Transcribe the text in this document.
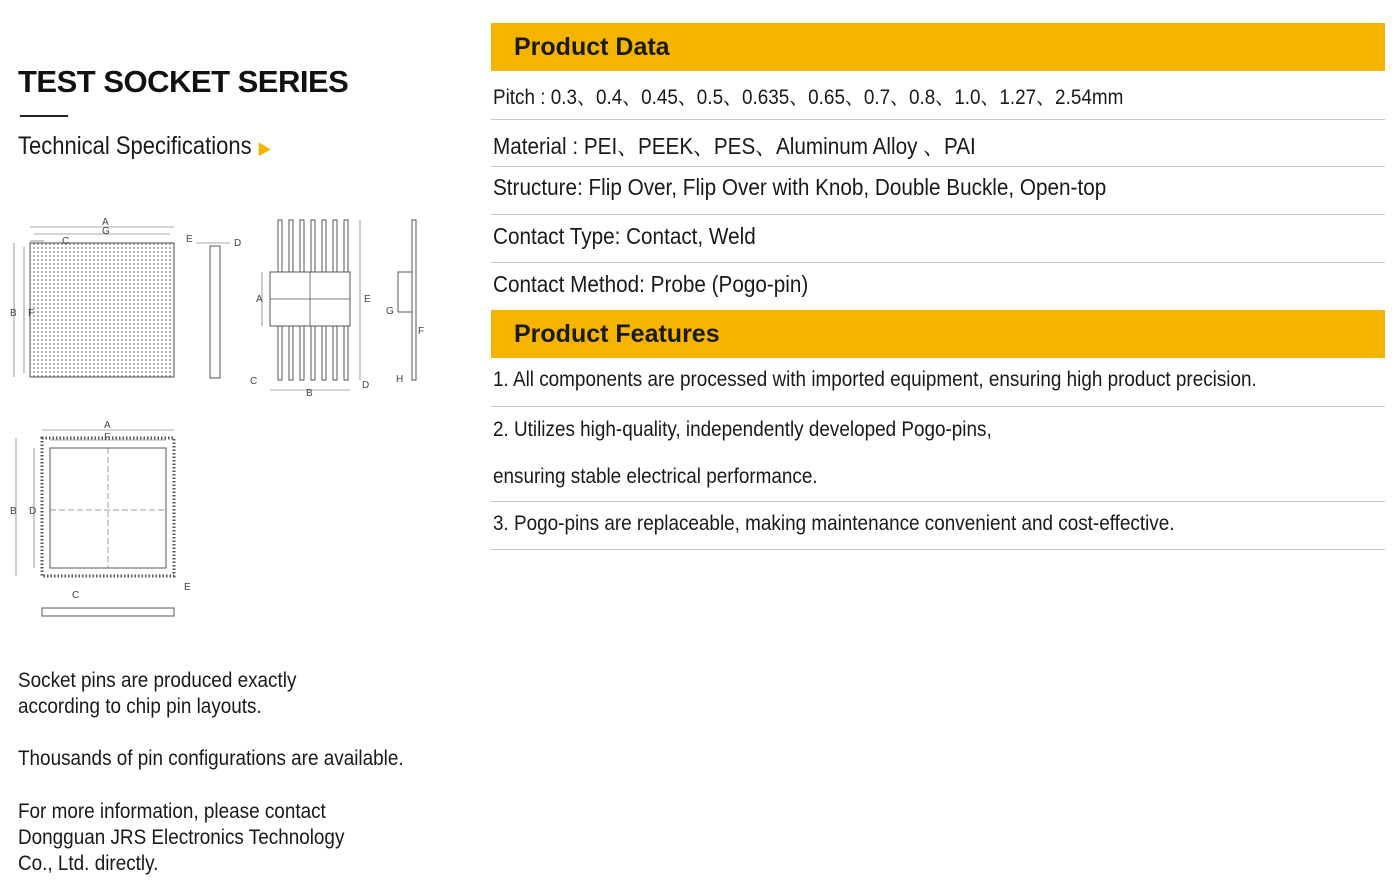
TEST SOCKET SERIES
Technical Specifications ▶
A
G
C
B F
E	D
A	E
C
B
D
G
F
H
A
F
B D
C
E
Socket pins are produced exactly
according to chip pin layouts.
Thousands of pin configurations are available.
For more information, please contact
Dongguan JRS Electronics Technology
Co., Ltd. directly.
Product Data
Pitch : 0.3、0.4、0.45、0.5、0.635、0.65、0.7、0.8、1.0、1.27、2.54mm
Material : PEI、PEEK、PES、Aluminum Alloy 、PAI
Structure: Flip Over, Flip Over with Knob, Double Buckle, Open-top
Contact Type: Contact, Weld
Contact Method: Probe (Pogo-pin)
Product Features
1. All components are processed with imported equipment, ensuring high product precision.
2. Utilizes high-quality, independently developed Pogo-pins,
ensuring stable electrical performance.
3. Pogo-pins are replaceable, making maintenance convenient and cost-effective.
